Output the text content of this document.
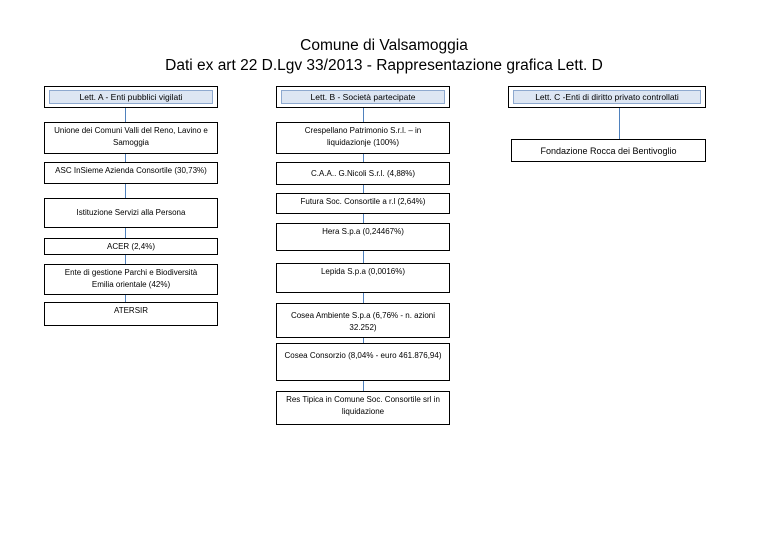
Comune di Valsamoggia
Dati ex art 22 D.Lgv 33/2013 - Rappresentazione grafica Lett. D
Lett. A - Enti pubblici vigilati
Unione dei Comuni Valli del Reno, Lavino e
Samoggia
ASC InSieme Azienda Consortile (30,73%)
Istituzione Servizi alla Persona
ACER (2,4%)
Ente di gestione Parchi e Biodiversità
Emilia orientale (42%)
ATERSIR
Lett. B - Società partecipate
Crespellano Patrimonio S.r.l. – in
liquidazionje (100%)
C.A.A.. G.Nicoli S.r.l. (4,88%)
Futura Soc. Consortile a r.l (2,64%)
Hera S.p.a (0,24467%)
Lepida S.p.a (0,0016%)
Cosea Ambiente S.p.a (6,76% - n. azioni
32.252)
Cosea Consorzio (8,04% - euro 461.876,94)
Res Tipica in Comune Soc. Consortile srl in
liquidazione
Lett. C -Enti di diritto privato controllati
Fondazione Rocca dei Bentivoglio
